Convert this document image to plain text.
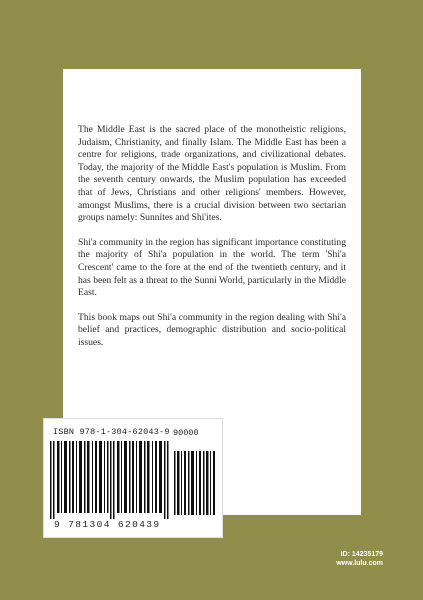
The Middle East is the sacred place of the monotheistic religions, Judaism, Christianity, and finally Islam. The Middle East has been a centre for religions, trade organizations, and civilizational debates. Today, the majority of the Middle East's population is Muslim. From the seventh century onwards, the Muslim population has exceeded that of Jews, Christians and other religions' members. However, amongst Muslims, there is a crucial division between two sectarian groups namely: Sunnites and Shi'ites.

Shi'a community in the region has significant importance constituting the majority of Shi'a population in the world. The term 'Shi'a Crescent' came to the fore at the end of the twentieth century, and it has been felt as a threat to the Sunni World, particularly in the Middle East.

This book maps out Shi'a community in the region dealing with Shi'a belief and practices, demographic distribution and socio-political issues.

ISBN 978-1-304-62043-9 90000
9 781304 620439
ID: 14235179
www.lulu.com
